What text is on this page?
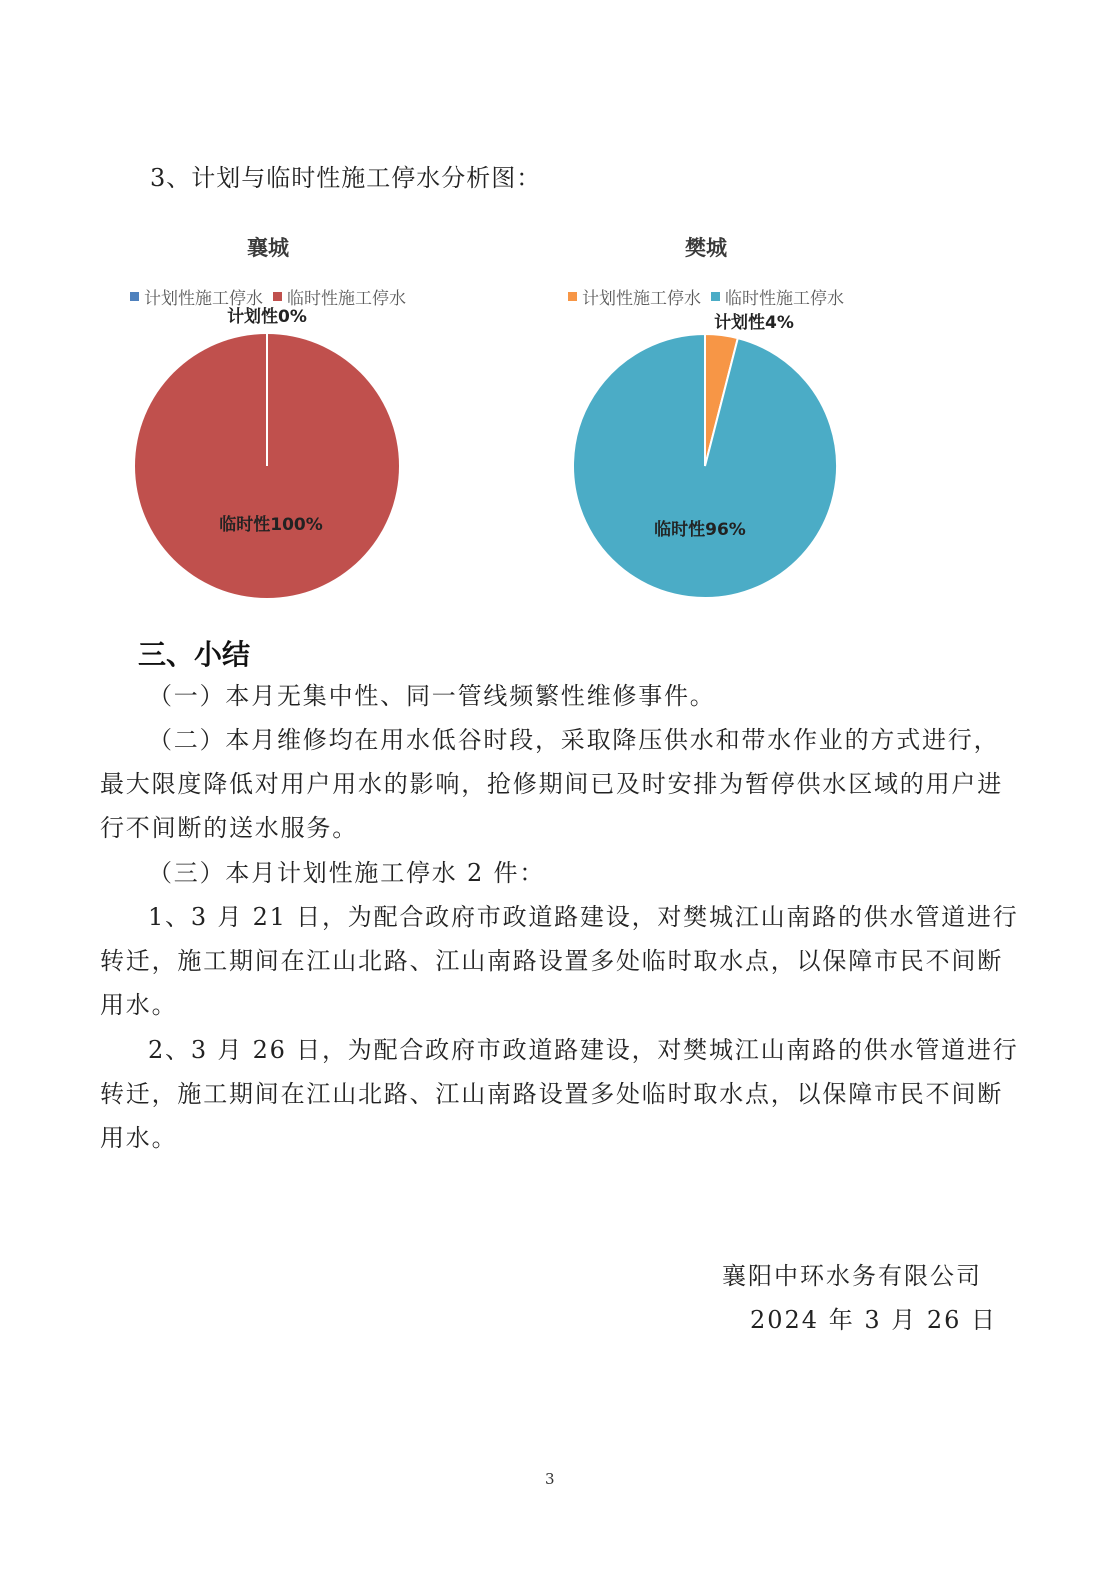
3、计划与临时性施工停水分析图：
襄城
计划性施工停水 临时性施工停水
计划性0%
临时性100%
樊城
计划性施工停水 临时性施工停水
计划性4%
临时性96%
三、小结
（一）本月无集中性、同一管线频繁性维修事件。
（二）本月维修均在用水低谷时段，采取降压供水和带水作业的方式进行，
最大限度降低对用户用水的影响，抢修期间已及时安排为暂停供水区域的用户进
行不间断的送水服务。
（三）本月计划性施工停水 2 件：
1、3 月 21 日，为配合政府市政道路建设，对樊城江山南路的供水管道进行
转迁，施工期间在江山北路、江山南路设置多处临时取水点，以保障市民不间断
用水。
2、3 月 26 日，为配合政府市政道路建设，对樊城江山南路的供水管道进行
转迁，施工期间在江山北路、江山南路设置多处临时取水点，以保障市民不间断
用水。
襄阳中环水务有限公司
2024 年 3 月 26 日
3
